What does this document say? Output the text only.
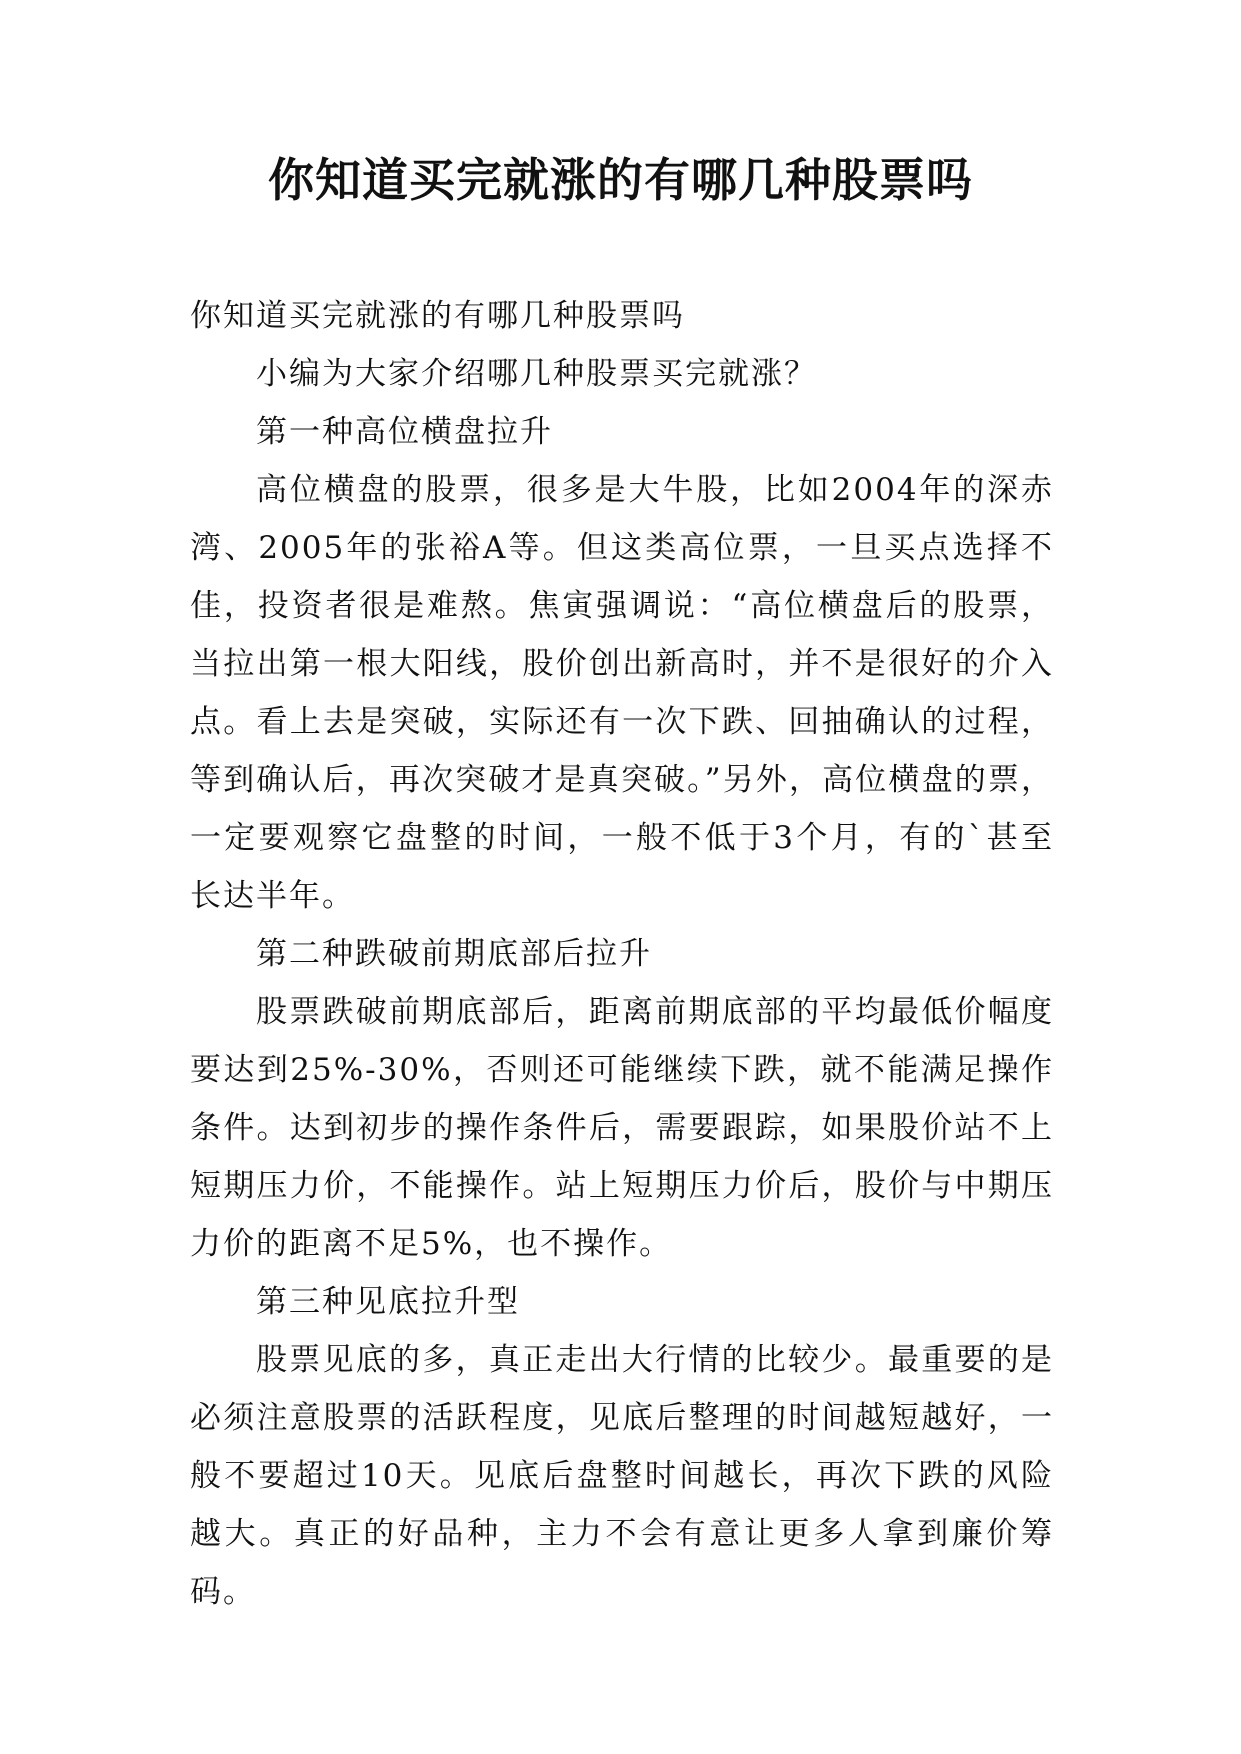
你知道买完就涨的有哪几种股票吗

你知道买完就涨的有哪几种股票吗

小编为大家介绍哪几种股票买完就涨？

第一种高位横盘拉升

高位横盘的股票，很多是大牛股，比如2004年的深赤湾、2005年的张裕A等。但这类高位票，一旦买点选择不佳，投资者很是难熬。焦寅强调说：“高位横盘后的股票，当拉出第一根大阳线，股价创出新高时，并不是很好的介入点。看上去是突破，实际还有一次下跌、回抽确认的过程，等到确认后，再次突破才是真突破。”另外，高位横盘的票，一定要观察它盘整的时间，一般不低于3个月，有的`甚至长达半年。

第二种跌破前期底部后拉升

股票跌破前期底部后，距离前期底部的平均最低价幅度要达到25%-30%，否则还可能继续下跌，就不能满足操作条件。达到初步的操作条件后，需要跟踪，如果股价站不上短期压力价，不能操作。站上短期压力价后，股价与中期压力价的距离不足5%，也不操作。

第三种见底拉升型

股票见底的多，真正走出大行情的比较少。最重要的是必须注意股票的活跃程度，见底后整理的时间越短越好，一般不要超过10天。见底后盘整时间越长，再次下跌的风险越大。真正的好品种，主力不会有意让更多人拿到廉价筹码。
